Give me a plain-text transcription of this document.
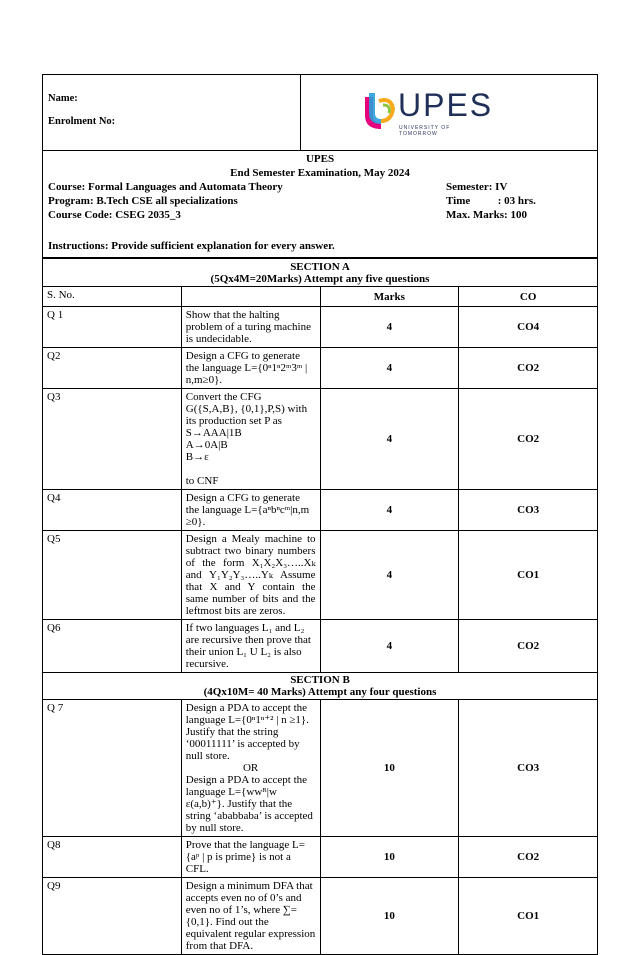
Name:
Enrolment No:	UPES
UNIVERSITY OF TOMORROW
UPES
End Semester Examination, May 2024
Course: Formal Languages and Automata Theory
Program: B.Tech CSE all specializations
Course Code: CSEG 2035_3
Semester: IV
Time          : 03 hrs.
Max. Marks: 100
Instructions: Provide sufficient explanation for every answer.
SECTION A
(5Qx4M=20Marks) Attempt any five questions			

S. No.		Marks	CO
Q 1	Show that the halting problem of a turing machine is undecidable.	4	CO4
Q2	Design a CFG to generate the language L={0ⁿ1ⁿ2ᵐ3ᵐ | n,m≥0}.	4	CO2
Q3	Convert the CFG G({S,A,B}, {0,1},P,S) with its production set P as
S→AAA|1B
A→0A|B
B→ε
to CNF	4	CO2
Q4	Design a CFG to generate the language L={aⁿbⁿcᵐ|n,m ≥0}.	4	CO3
Q5	Design a Mealy machine to subtract two binary numbers of the form X₁X₂X₃…..Xₖ and Y₁Y₂Y₃…..Yₖ Assume that X and Y contain the same number of bits and the leftmost bits are zeros.	4	CO1
Q6	If two languages L₁ and L₂ are recursive then prove that their union L₁ U L₂ is also recursive.	4	CO2

SECTION B
(4Qx10M= 40 Marks) Attempt any four questions			

Q 7	Design a PDA to accept the language L={0ⁿ1ⁿ⁺² | n ≥1}. Justify that the string ‘00011111’ is accepted by null store.
OR
Design a PDA to accept the language L={wwᴿ|w ε(a,b)⁺}. Justify that the string ‘ababbaba’ is accepted by null store.	10	CO3
Q8	Prove that the language L= {aᵖ | p is prime} is not a CFL.	10	CO2
Q9	Design a minimum DFA that accepts even no of 0’s and even no of 1’s, where ∑= {0,1}. Find out the equivalent regular expression from that DFA.	10	CO1
